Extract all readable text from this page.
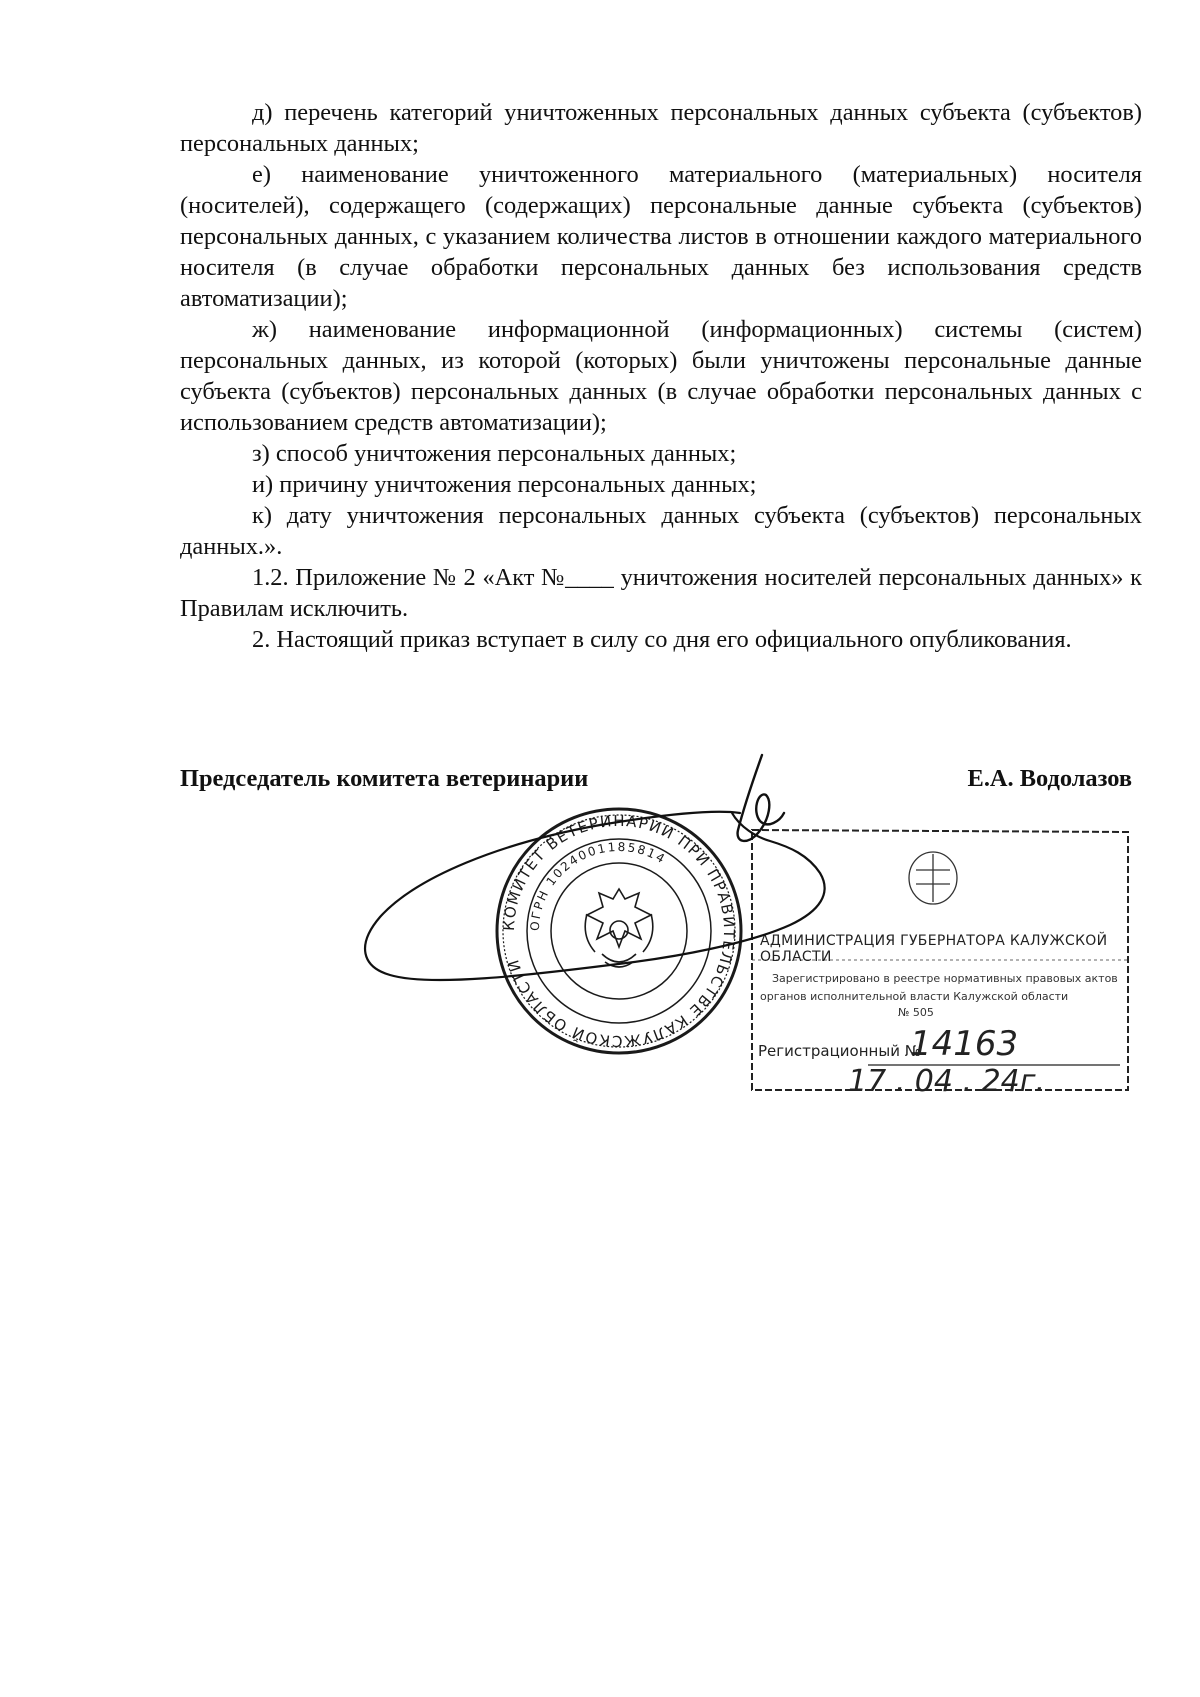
д) перечень категорий уничтоженных персональных данных субъекта (субъектов) персональных данных;

е) наименование уничтоженного материального (материальных) носителя (носителей), содержащего (содержащих) персональные данные субъекта (субъектов) персональных данных, с указанием количества листов в отношении каждого материального носителя (в случае обработки персональных данных без использования средств автоматизации);

ж) наименование информационной (информационных) системы (систем) персональных данных, из которой (которых) были уничтожены персональные данные субъекта (субъектов) персональных данных (в случае обработки персональных данных с использованием средств автоматизации);

з) способ уничтожения персональных данных;

и) причину уничтожения персональных данных;

к) дату уничтожения персональных данных субъекта (субъектов) персональных данных.».

1.2. Приложение № 2 «Акт №____ уничтожения носителей персональных данных» к Правилам исключить.

2. Настоящий приказ вступает в силу со дня его официального опубликования.

Председатель комитета ветеринарии	Е.А. Водолазов
КОМИТЕТ ВЕТЕРИНАРИИ ПРИ ПРАВИТЕЛЬСТВЕ КАЛУЖСКОЙ ОБЛАСТИ
ОГРН 1024001185814
АДМИНИСТРАЦИЯ ГУБЕРНАТОРА КАЛУЖСКОЙ ОБЛАСТИ
Зарегистрировано в реестре нормативных правовых актов
органов исполнительной власти Калужской области
№ 505
Регистрационный №
14163
17 . 04 . 24г.
